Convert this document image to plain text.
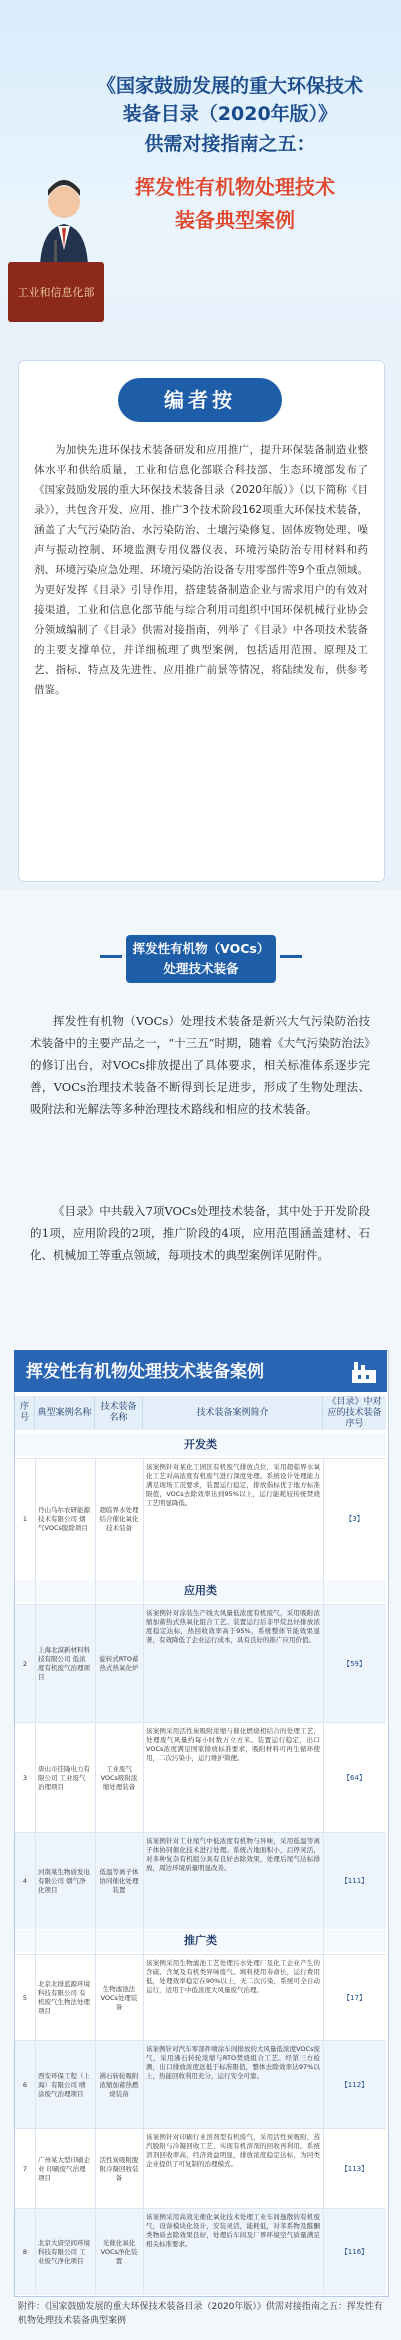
《国家鼓励发展的重大环保技术
装备目录（2020年版）》
供需对接指南之五：
挥发性有机物处理技术
装备典型案例
工业和信息化部
编者按
为加快先进环保技术装备研发和应用推广，提升环保装备制造业整体水平和供给质量，工业和信息化部联合科技部、生态环境部发布了《国家鼓励发展的重大环保技术装备目录（2020年版）》（以下简称《目录》），共包含开发、应用、推广3个技术阶段162项重大环保技术装备，涵盖了大气污染防治、水污染防治、土壤污染修复、固体废物处理、噪声与振动控制、环境监测专用仪器仪表、环境污染防治专用材料和药剂、环境污染应急处理、环境污染防治设备专用零部件等9个重点领域。为更好发挥《目录》引导作用，搭建装备制造企业与需求用户的有效对接渠道，工业和信息化部节能与综合利用司组织中国环保机械行业协会分领域编制了《目录》供需对接指南，列举了《目录》中各项技术装备的主要支撑单位，并详细梳理了典型案例，包括适用范围、原理及工艺、指标、特点及先进性、应用推广前景等情况，将陆续发布，供参考借鉴。
挥发性有机物（VOCs）
处理技术装备
挥发性有机物（VOCs）处理技术装备是新兴大气污染防治技术装备中的主要产品之一，“十三五”时期，随着《大气污染防治法》的修订出台，对VOCs排放提出了具体要求，相关标准体系逐步完善，VOCs治理技术装备不断得到长足进步，形成了生物处理法、吸附法和光解法等多种治理技术路线和相应的技术装备。
《目录》中共载入7项VOCs处理技术装备，其中处于开发阶段的1项，应用阶段的2项，推广阶段的4项，应用范围涵盖建材、石化、机械加工等重点领域，每项技术的典型案例详见附件。
挥发性有机物处理技术装备案例
序号
典型案例名称
技术装备名称
技术装备案例简介
《目录》中对应的技术装备序号
开发类
1
丹山乌尔农研能源技术有限公司 烟气VOCs脱除项目
超临界水处理结合催化氧化技术装备
该案例针对某化工园区有机废气排放点位，采用超临界水氧化工艺对高浓度有机废气进行深度处理。系统设计处理能力满足现场工况要求，装置运行稳定，排放指标优于地方标准限值，VOCs去除效率达到95%以上，运行能耗较传统焚烧工艺明显降低。
【3】
应用类
2
上海北漠新材料科技有限公司 低浓度有机废气治理项目
旋转式RTO蓄热式热氧化炉
该案例针对涂装生产线大风量低浓度有机废气，采用吸附浓缩加蓄热式热氧化组合工艺。装置运行后非甲烷总烃排放浓度稳定达标，热回收效率高于95%，系统整体节能效果显著，有效降低了企业运行成本，具有良好的推广应用价值。
【59】
3
唐山市佳隆电力有限公司 工业废气治理项目
工业废气VOCs吸附浓缩处理装备
该案例采用活性炭吸附浓缩与催化燃烧相结合的处理工艺，处理废气风量约每小时数万立方米。装置运行稳定，出口VOCs浓度满足国家排放标准要求，吸附材料可再生循环使用，二次污染小，运行维护简便。
【64】
4
河南某生物质发电有限公司 烟气净化项目
低温等离子体协同催化处理装置
该案例针对工业尾气中低浓度有机物与异味，采用低温等离子体协同催化技术进行处理。系统占地面积小，启停灵活，对多种复杂有机组分具有良好去除效果，处理后尾气达标排放，周边环境质量明显改善。
【111】
推广类
5
北京北排蓝源环境科技有限公司 有机废气生物法处理项目
生物滤池法VOCs处理装备
该案例采用生物滤池工艺处理污水处理厂及化工企业产生的含硫、含氮及有机类异味废气。填料使用寿命长，运行费用低，处理效率稳定在90%以上，无二次污染，系统可全自动运行，适用于中低浓度大风量废气治理。
【17】
6
西安环保工程（上海）有限公司 喷涂废气治理项目
沸石转轮吸附浓缩加蓄热燃烧装备
该案例针对汽车零部件喷涂车间排放的大风量低浓度VOCs废气，采用沸石转轮浓缩与RTO焚烧组合工艺。经第三方检测，出口排放浓度远低于标准限值，整体去除效率达97%以上，热能回收利用充分，运行安全可靠。
【112】
7
广州某大型印刷企业 印刷废气治理项目
活性炭吸附脱附冷凝回收装备
该案例针对印刷行业溶剂型有机废气，采用活性炭吸附、蒸汽脱附与冷凝回收工艺，实现有机溶剂的回收再利用。系统溶剂回收率高，经济效益明显，排放浓度稳定达标，为同类企业提供了可复制的治理模式。
【113】
8
北京大唐空间环境科技有限公司 工业废气净化项目
光催化氧化VOCs净化装置
该案例采用高效光催化氧化技术处理工业车间逸散的有机废气，设备模块化设计，安装灵活，能耗低，对苯系物及醛酮类物质去除效果良好，处理后车间及厂界环境空气质量满足相关标准要求。
【116】
附件：《国家鼓励发展的重大环保技术装备目录（2020年版）》供需对接指南之五：挥发性有机物处理技术装备典型案例
